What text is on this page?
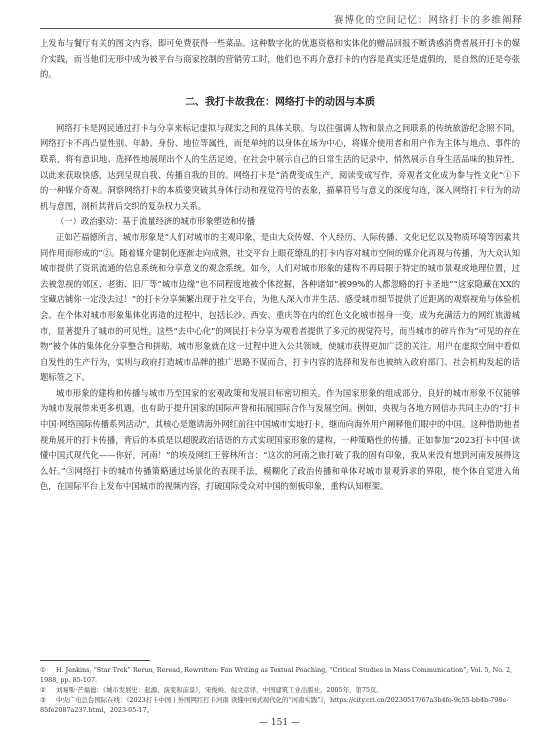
赛博化的空间记忆：网络打卡的多维阐释

上发布与餐厅有关的图文内容，即可免费获得一些菜品。这种数字化的优惠资格和实体化的赠品回报不断诱惑消费者展开打卡的媒介实践，而当他们无形中成为被平台与商家控制的营销劳工时，他们也不再介意打卡的内容是真实还是虚假的，是自然的还是夸张的。

二、我打卡故我在：网络打卡的动因与本质

网络打卡是网民通过打卡与分享来标记虚拟与现实之间的具体关联。与以往强调人物和景点之间联系的传统旅游纪念照不同，网络打卡不再凸显性别、年龄、身份、地位等属性，而是单纯的以身体在场为中心，将媒介使用者和用户作为主体与地点、事件的联系，将有意识地、选择性地展现出个人的生活足迹，在社会中展示自己的日常生活的记录中，悄然展示自身生活品味的独异性，以此来获取快感，达到呈现自我、传播自我的目的。网络打卡是“消费变成生产，阅读变成写作，旁观者文化成为参与性文化”①下的一种媒介奇观。洞察网络打卡的本质要突破其身体行动和视觉符号的表象，描摹符号与意义的深度勾连，深入网络打卡行为的动机与意图，剖析其背后交织的复杂权力关系。

（一）政治驱动：基于流量经济的城市形象塑造和传播

正如芒福德所言，城市形象是“人们对城市的主观印象，是由大众传媒、个人经历、人际传播、文化记忆以及物质环境等因素共同作用而形成的”②。随着媒介建制化逐渐走向成熟，社交平台上眼花缭乱的打卡内容对城市空间的媒介化再现与传播，为大众认知城市提供了资讯流通的信息系统和分享意义的观念系统。如今，人们对城市形象的建构不再局限于特定的城市景观或地理位置，过去被忽视的郊区、老街、旧厂等“城市边缘”也不同程度地被个体挖掘，各种诸如“被99%的人都忽略的打卡圣地”“这家隐藏在XX的宝藏店铺你一定没去过！”的打卡分享频繁出现于社交平台，为他人深入市井生活、感受城市细节提供了近距离的观察视角与体验机会。在个体对城市形象集体化再造的过程中，包括长沙、西安、重庆等在内的红色文化城市摇身一变，成为充满活力的网红旅游城市，显著提升了城市的可见性。这些“去中心化”的网民打卡分享为观看者提供了多元的视觉符号，而当城市的碎片作为“可见的存在物”被个体的集体化分享整合和拼贴，城市形象就在这一过程中进入公共领域，使城市获得更加广泛的关注。用户在虚拟空间中看似自发性的生产行为，实则与政府打造城市品牌的推广思路不谋而合，打卡内容的选择和发布也被纳入政府部门、社会机构发起的话题标签之下。

城市形象的建构和传播与城市乃至国家的宏观政策和发展目标密切相关。作为国家形象的组成部分，良好的城市形象不仅能够为城市发展带来更多机遇，也有助于提升国家的国际声誉和拓展国际合作与发展空间。例如，央视与各地方网信办共同主办的“打卡中国·网络国际传播系列活动”，其核心是邀请海外网红前往中国城市实地打卡，继而向海外用户阐释他们眼中的中国。这种借助他者视角展开的打卡传播，背后的本质是以超脱政治话语的方式实现国家形象的建构，一种策略性的传播。正如参加“2023打卡中国·读懂中国式现代化——你好，河南！”的埃及网红王蓉林所言：“这次的河南之旅打破了我的固有印象，我从来没有想到河南发展得这么好。”③网络打卡的城市传播策略通过场景化的表现手法，模糊化了政治传播和单体对城市景观诉求的界限，使个体自觉进入角色，在国际平台上发布中国城市的视频内容，打破国际受众对中国的刻板印象，重构认知框架。

① H. Jenkins, “Star Trek” Rerun, Reread, Rewritten: Fan Writing as Textual Poaching, “Critical Studies in Mass Communication”, Vol. 5, No. 2, 1988, pp. 85-107.

② 刘易斯·芒福德：《城市发展史：起源、演变和前景》，宋俊岭、倪文彦译，中国建筑工业出版社，2005年，第75页。

③ 中央广电总台国际在线：《2023打卡中国丨外国网红打卡河南 读懂中国式现代化的“河南实践”》，https://city.cri.cn/20230517/67a3b4fe-9c55-bb4b-798e-85fe2087a237.html，2023-05-17。

— 151 —
